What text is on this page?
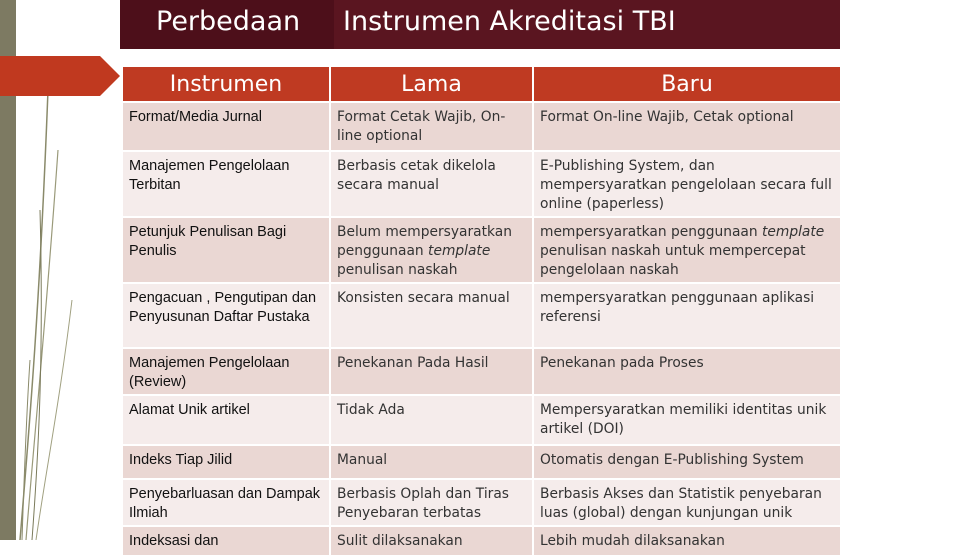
Perbedaan Instrumen Akreditasi TBI
Instrumen	Lama	Baru
Format/Media Jurnal	Format Cetak Wajib, On-line optional	Format On-line Wajib, Cetak optional
Manajemen Pengelolaan Terbitan	Berbasis cetak dikelola secara manual	E-Publishing System, dan mempersyaratkan pengelolaan secara full online (paperless)
Petunjuk Penulisan Bagi Penulis	Belum mempersyaratkan penggunaan template penulisan naskah	mempersyaratkan penggunaan template penulisan naskah untuk mempercepat pengelolaan naskah
Pengacuan , Pengutipan dan Penyusunan Daftar Pustaka	Konsisten secara manual	mempersyaratkan penggunaan aplikasi referensi
Manajemen Pengelolaan (Review)	Penekanan Pada Hasil	Penekanan pada Proses
Alamat Unik artikel	Tidak Ada	Mempersyaratkan memiliki identitas unik artikel (DOI)
Indeks Tiap Jilid	Manual	Otomatis dengan E-Publishing System
Penyebarluasan dan Dampak Ilmiah	Berbasis Oplah dan Tiras Penyebaran terbatas	Berbasis Akses dan Statistik penyebaran luas (global) dengan kunjungan unik
Indeksasi dan	Sulit dilaksanakan	Lebih mudah dilaksanakan
